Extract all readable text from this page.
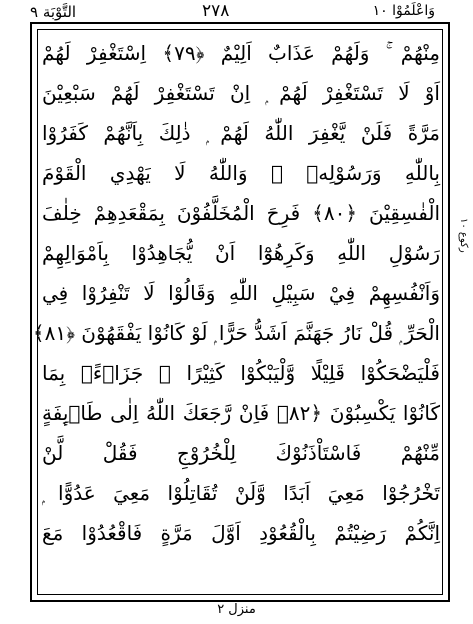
التَّوْبَة ٩	٢٧٨	وَاعْلَمُوْا ١٠
مِنْهُمْ ۚ وَلَهُمْ عَذَابٌ اَلِيْمٌ ﴿٧٩﴾ اِسْتَغْفِرْ لَهُمْ
اَوْ لَا تَسْتَغْفِرْ لَهُمْ ۭ اِنْ تَسْتَغْفِرْ لَهُمْ سَبْعِيْنَ
مَرَّةً فَلَنْ يَّغْفِرَ اللّٰهُ لَهُمْ ۭ ذٰلِكَ بِاَنَّهُمْ كَفَرُوْا
بِاللّٰهِ وَرَسُوْلِهٖ ۭ وَاللّٰهُ لَا يَهْدِي الْقَوْمَ
الْفٰسِقِيْنَ ﴿٨٠﴾ فَرِحَ الْمُخَلَّفُوْنَ بِمَقْعَدِهِمْ خِلٰفَ
رَسُوْلِ اللّٰهِ وَكَرِهُوْٓا اَنْ يُّجَاهِدُوْا بِاَمْوَالِهِمْ
وَاَنْفُسِهِمْ فِيْ سَبِيْلِ اللّٰهِ وَقَالُوْا لَا تَنْفِرُوْا فِي
الْحَرِّ ۭ قُلْ نَارُ جَهَنَّمَ اَشَدُّ حَرًّا ۭ لَوْ كَانُوْا يَفْقَهُوْنَ ﴿٨١﴾
فَلْيَضْحَكُوْا قَلِيْلًا وَّلْيَبْكُوْا كَثِيْرًا ۚ جَزَاۗءًۢ بِمَا
كَانُوْا يَكْسِبُوْنَ ﴿٨٢﴾ فَاِنْ رَّجَعَكَ اللّٰهُ اِلٰى طَاۗىِٕفَةٍ
مِّنْهُمْ فَاسْتَاْذَنُوْكَ لِلْخُرُوْجِ فَقُلْ لَّنْ
تَخْرُجُوْا مَعِيَ اَبَدًا وَّلَنْ تُقَاتِلُوْا مَعِيَ عَدُوًّا ۭ
اِنَّكُمْ رَضِيْتُمْ بِالْقُعُوْدِ اَوَّلَ مَرَّةٍ فَاقْعُدُوْا مَعَ
رکوع ۱۰
منزل ٢
